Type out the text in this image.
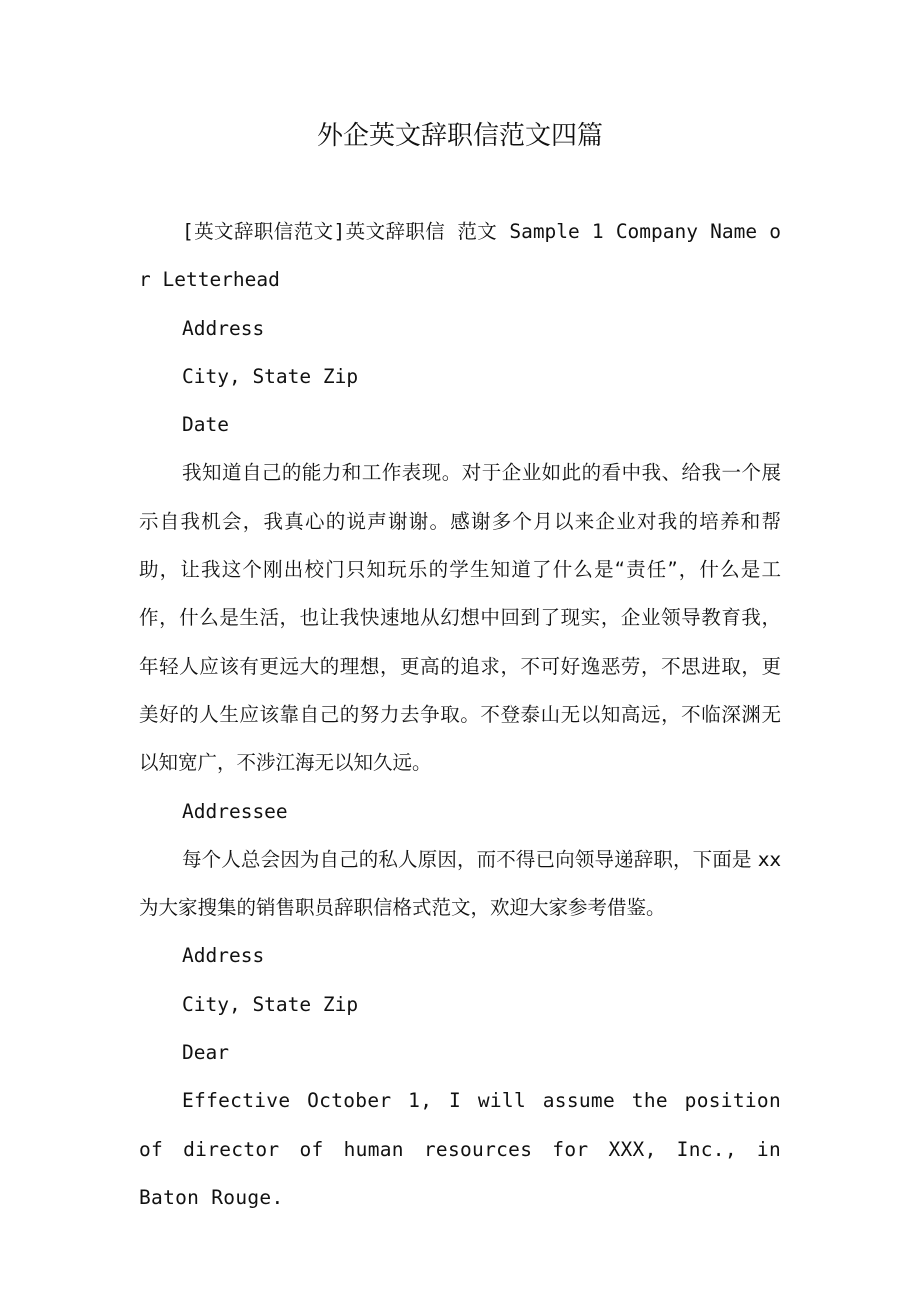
外企英文辞职信范文四篇

[英文辞职信范文]英文辞职信 范文 Sample 1 Company Name or Letterhead

Address

City, State Zip

Date

我知道自己的能力和工作表现。对于企业如此的看中我、给我一个展示自我机会，我真心的说声谢谢。感谢多个月以来企业对我的培养和帮助，让我这个刚出校门只知玩乐的学生知道了什么是“责任”，什么是工作，什么是生活，也让我快速地从幻想中回到了现实，企业领导教育我，年轻人应该有更远大的理想，更高的追求，不可好逸恶劳，不思进取，更美好的人生应该靠自己的努力去争取。不登泰山无以知高远，不临深渊无以知宽广，不涉江海无以知久远。

Addressee

每个人总会因为自己的私人原因，而不得已向领导递辞职，下面是 xx 为大家搜集的销售职员辞职信格式范文，欢迎大家参考借鉴。

Address

City, State Zip

Dear

Effective October 1, I will assume the position of director of human resources for XXX, Inc., in Baton Rouge.
